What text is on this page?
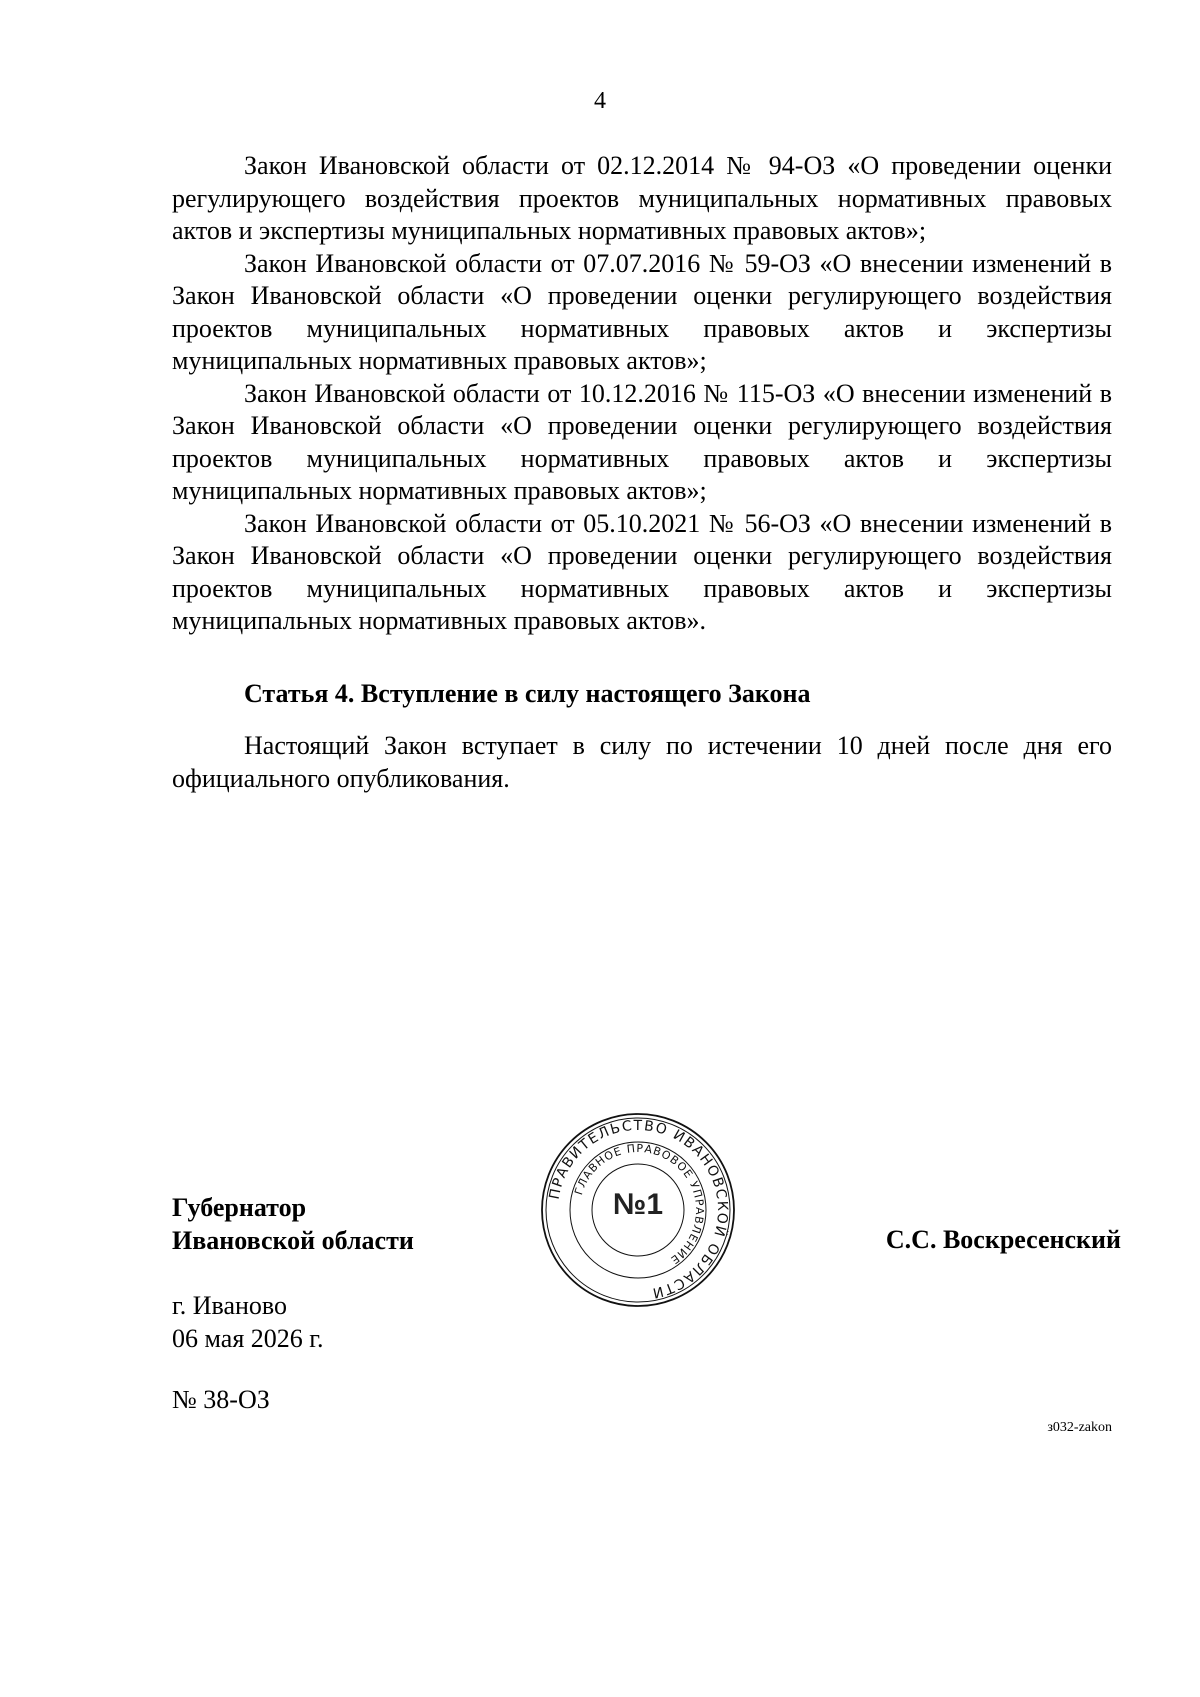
4

Закон Ивановской области от 02.12.2014 № 94-ОЗ «О проведении оценки регулирующего воздействия проектов муниципальных нормативных правовых актов и экспертизы муниципальных нормативных правовых актов»;

Закон Ивановской области от 07.07.2016 № 59-ОЗ «О внесении изменений в Закон Ивановской области «О проведении оценки регулирующего воздействия проектов муниципальных нормативных правовых актов и экспертизы муниципальных нормативных правовых актов»;

Закон Ивановской области от 10.12.2016 № 115-ОЗ «О внесении изменений в Закон Ивановской области «О проведении оценки регулирующего воздействия проектов муниципальных нормативных правовых актов и экспертизы муниципальных нормативных правовых актов»;

Закон Ивановской области от 05.10.2021 № 56-ОЗ «О внесении изменений в Закон Ивановской области «О проведении оценки регулирующего воздействия проектов муниципальных нормативных правовых актов и экспертизы муниципальных нормативных правовых актов».

Статья 4. Вступление в силу настоящего Закона

Настоящий Закон вступает в силу по истечении 10 дней после дня его официального опубликования.

Губернатор
Ивановской области
ПРАВИТЕЛЬСТВО ИВАНОВСКОЙ ОБЛАСТИ
ГЛАВНОЕ ПРАВОВОЕ УПРАВЛЕНИЕ
№1
С.С. Воскресенский
г. Иваново
06 мая 2026 г.
№ 38-ОЗ
з032-zakon
